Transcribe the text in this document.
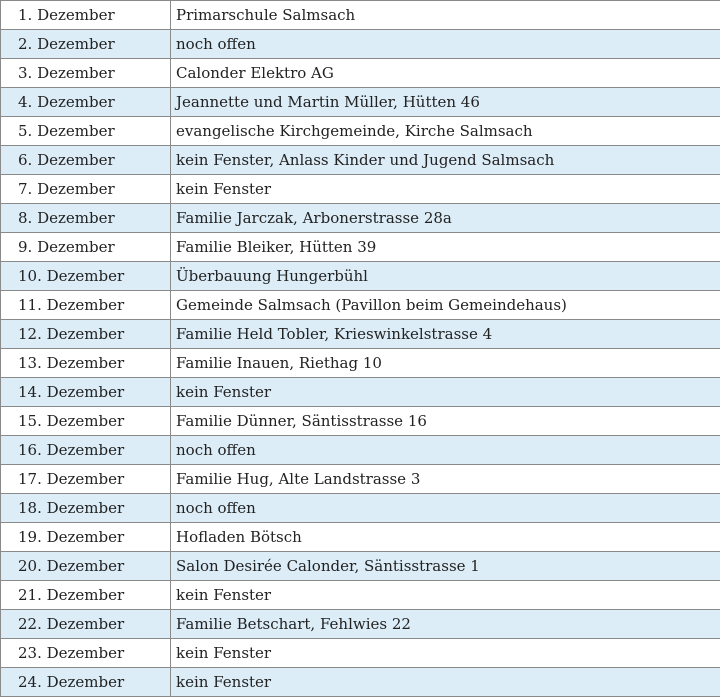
1. Dezember	Primarschule Salmsach
2. Dezember	noch offen
3. Dezember	Calonder Elektro AG
4. Dezember	Jeannette und Martin Müller, Hütten 46
5. Dezember	evangelische Kirchgemeinde, Kirche Salmsach
6. Dezember	kein Fenster, Anlass Kinder und Jugend Salmsach
7. Dezember	kein Fenster
8. Dezember	Familie Jarczak, Arbonerstrasse 28a
9. Dezember	Familie Bleiker, Hütten 39
10. Dezember	Überbauung Hungerbühl
11. Dezember	Gemeinde Salmsach (Pavillon beim Gemeindehaus)
12. Dezember	Familie Held Tobler, Krieswinkelstrasse 4
13. Dezember	Familie Inauen, Riethag 10
14. Dezember	kein Fenster
15. Dezember	Familie Dünner, Säntisstrasse 16
16. Dezember	noch offen
17. Dezember	Familie Hug, Alte Landstrasse 3
18. Dezember	noch offen
19. Dezember	Hofladen Bötsch
20. Dezember	Salon Desirée Calonder, Säntisstrasse 1
21. Dezember	kein Fenster
22. Dezember	Familie Betschart, Fehlwies 22
23. Dezember	kein Fenster
24. Dezember	kein Fenster
